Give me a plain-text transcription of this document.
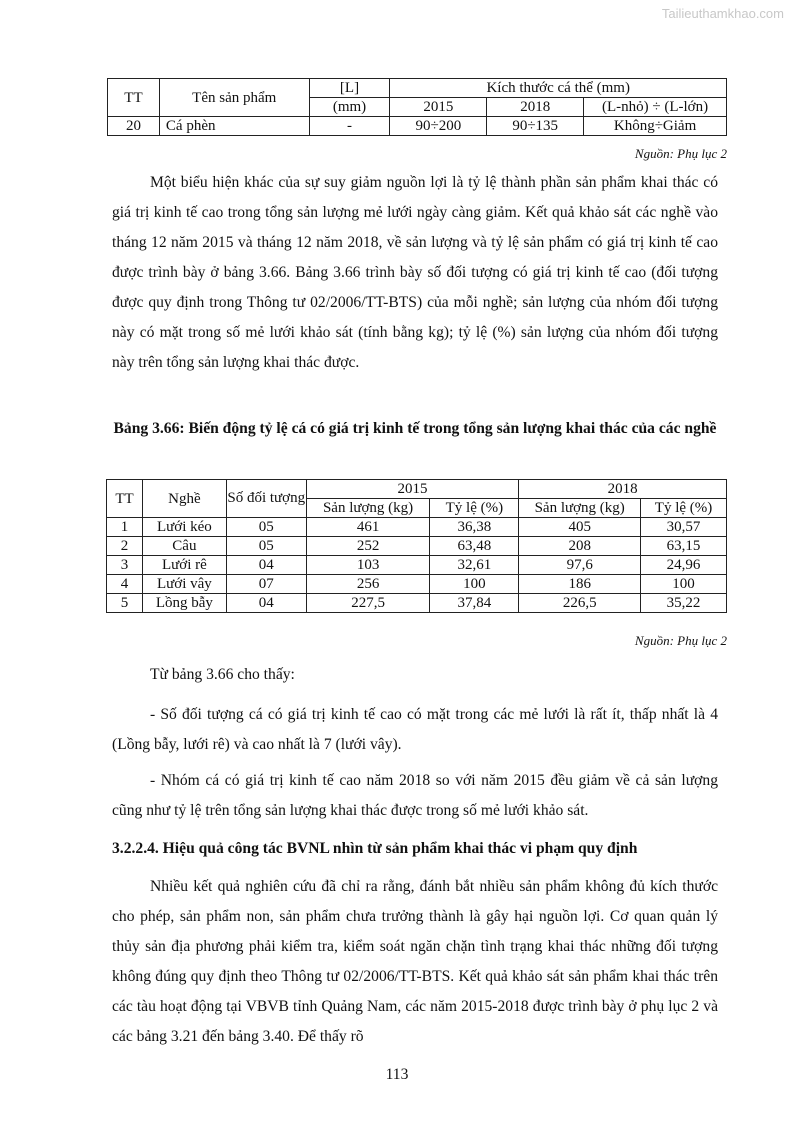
Tailieuthamkhao.com
TT	Tên sản phẩm	[L]	Kích thước cá thể (mm)		
		(mm)	2015	2018	(L-nhỏ) ÷ (L-lớn)
20	Cá phèn	-	90÷200	90÷135	Không÷Giảm
Nguồn: Phụ lục 2
Một biểu hiện khác của sự suy giảm nguồn lợi là tỷ lệ thành phần sản phẩm khai thác có giá trị kinh tế cao trong tổng sản lượng mẻ lưới ngày càng giảm. Kết quả khảo sát các nghề vào tháng 12 năm 2015 và tháng 12 năm 2018, về sản lượng và tỷ lệ sản phẩm có giá trị kinh tế cao được trình bày ở bảng 3.66. Bảng 3.66 trình bày số đối tượng có giá trị kinh tế cao (đối tượng được quy định trong Thông tư 02/2006/TT-BTS) của mỗi nghề; sản lượng của nhóm đối tượng này có mặt trong số mẻ lưới khảo sát (tính bằng kg); tỷ lệ (%) sản lượng của nhóm đối tượng này trên tổng sản lượng khai thác được.
Bảng 3.66: Biến động tỷ lệ cá có giá trị kinh tế trong tổng sản lượng khai thác của các nghề
TT	Nghề	Số đối tượng	2015		2018	
			Sản lượng (kg)	Tỷ lệ (%)	Sản lượng (kg)	Tỷ lệ (%)
1	Lưới kéo	05	461	36,38	405	30,57
2	Câu	05	252	63,48	208	63,15
3	Lưới rê	04	103	32,61	97,6	24,96
4	Lưới vây	07	256	100	186	100
5	Lồng bẫy	04	227,5	37,84	226,5	35,22
Nguồn: Phụ lục 2
Từ bảng 3.66 cho thấy:
- Số đối tượng cá có giá trị kinh tế cao có mặt trong các mẻ lưới là rất ít, thấp nhất là 4 (Lồng bẫy, lưới rê) và cao nhất là 7 (lưới vây).
- Nhóm cá có giá trị kinh tế cao năm 2018 so với năm 2015 đều giảm về cả sản lượng cũng như tỷ lệ trên tổng sản lượng khai thác được trong số mẻ lưới khảo sát.
3.2.2.4. Hiệu quả công tác BVNL nhìn từ sản phẩm khai thác vi phạm quy định
Nhiều kết quả nghiên cứu đã chỉ ra rằng, đánh bắt nhiều sản phẩm không đủ kích thước cho phép, sản phẩm non, sản phẩm chưa trưởng thành là gây hại nguồn lợi. Cơ quan quản lý thủy sản địa phương phải kiểm tra, kiểm soát ngăn chặn tình trạng khai thác những đối tượng không đúng quy định theo Thông tư 02/2006/TT-BTS. Kết quả khảo sát sản phẩm khai thác trên các tàu hoạt động tại VBVB tỉnh Quảng Nam, các năm 2015-2018 được trình bày ở phụ lục 2 và các bảng 3.21 đến bảng 3.40. Để thấy rõ
113
